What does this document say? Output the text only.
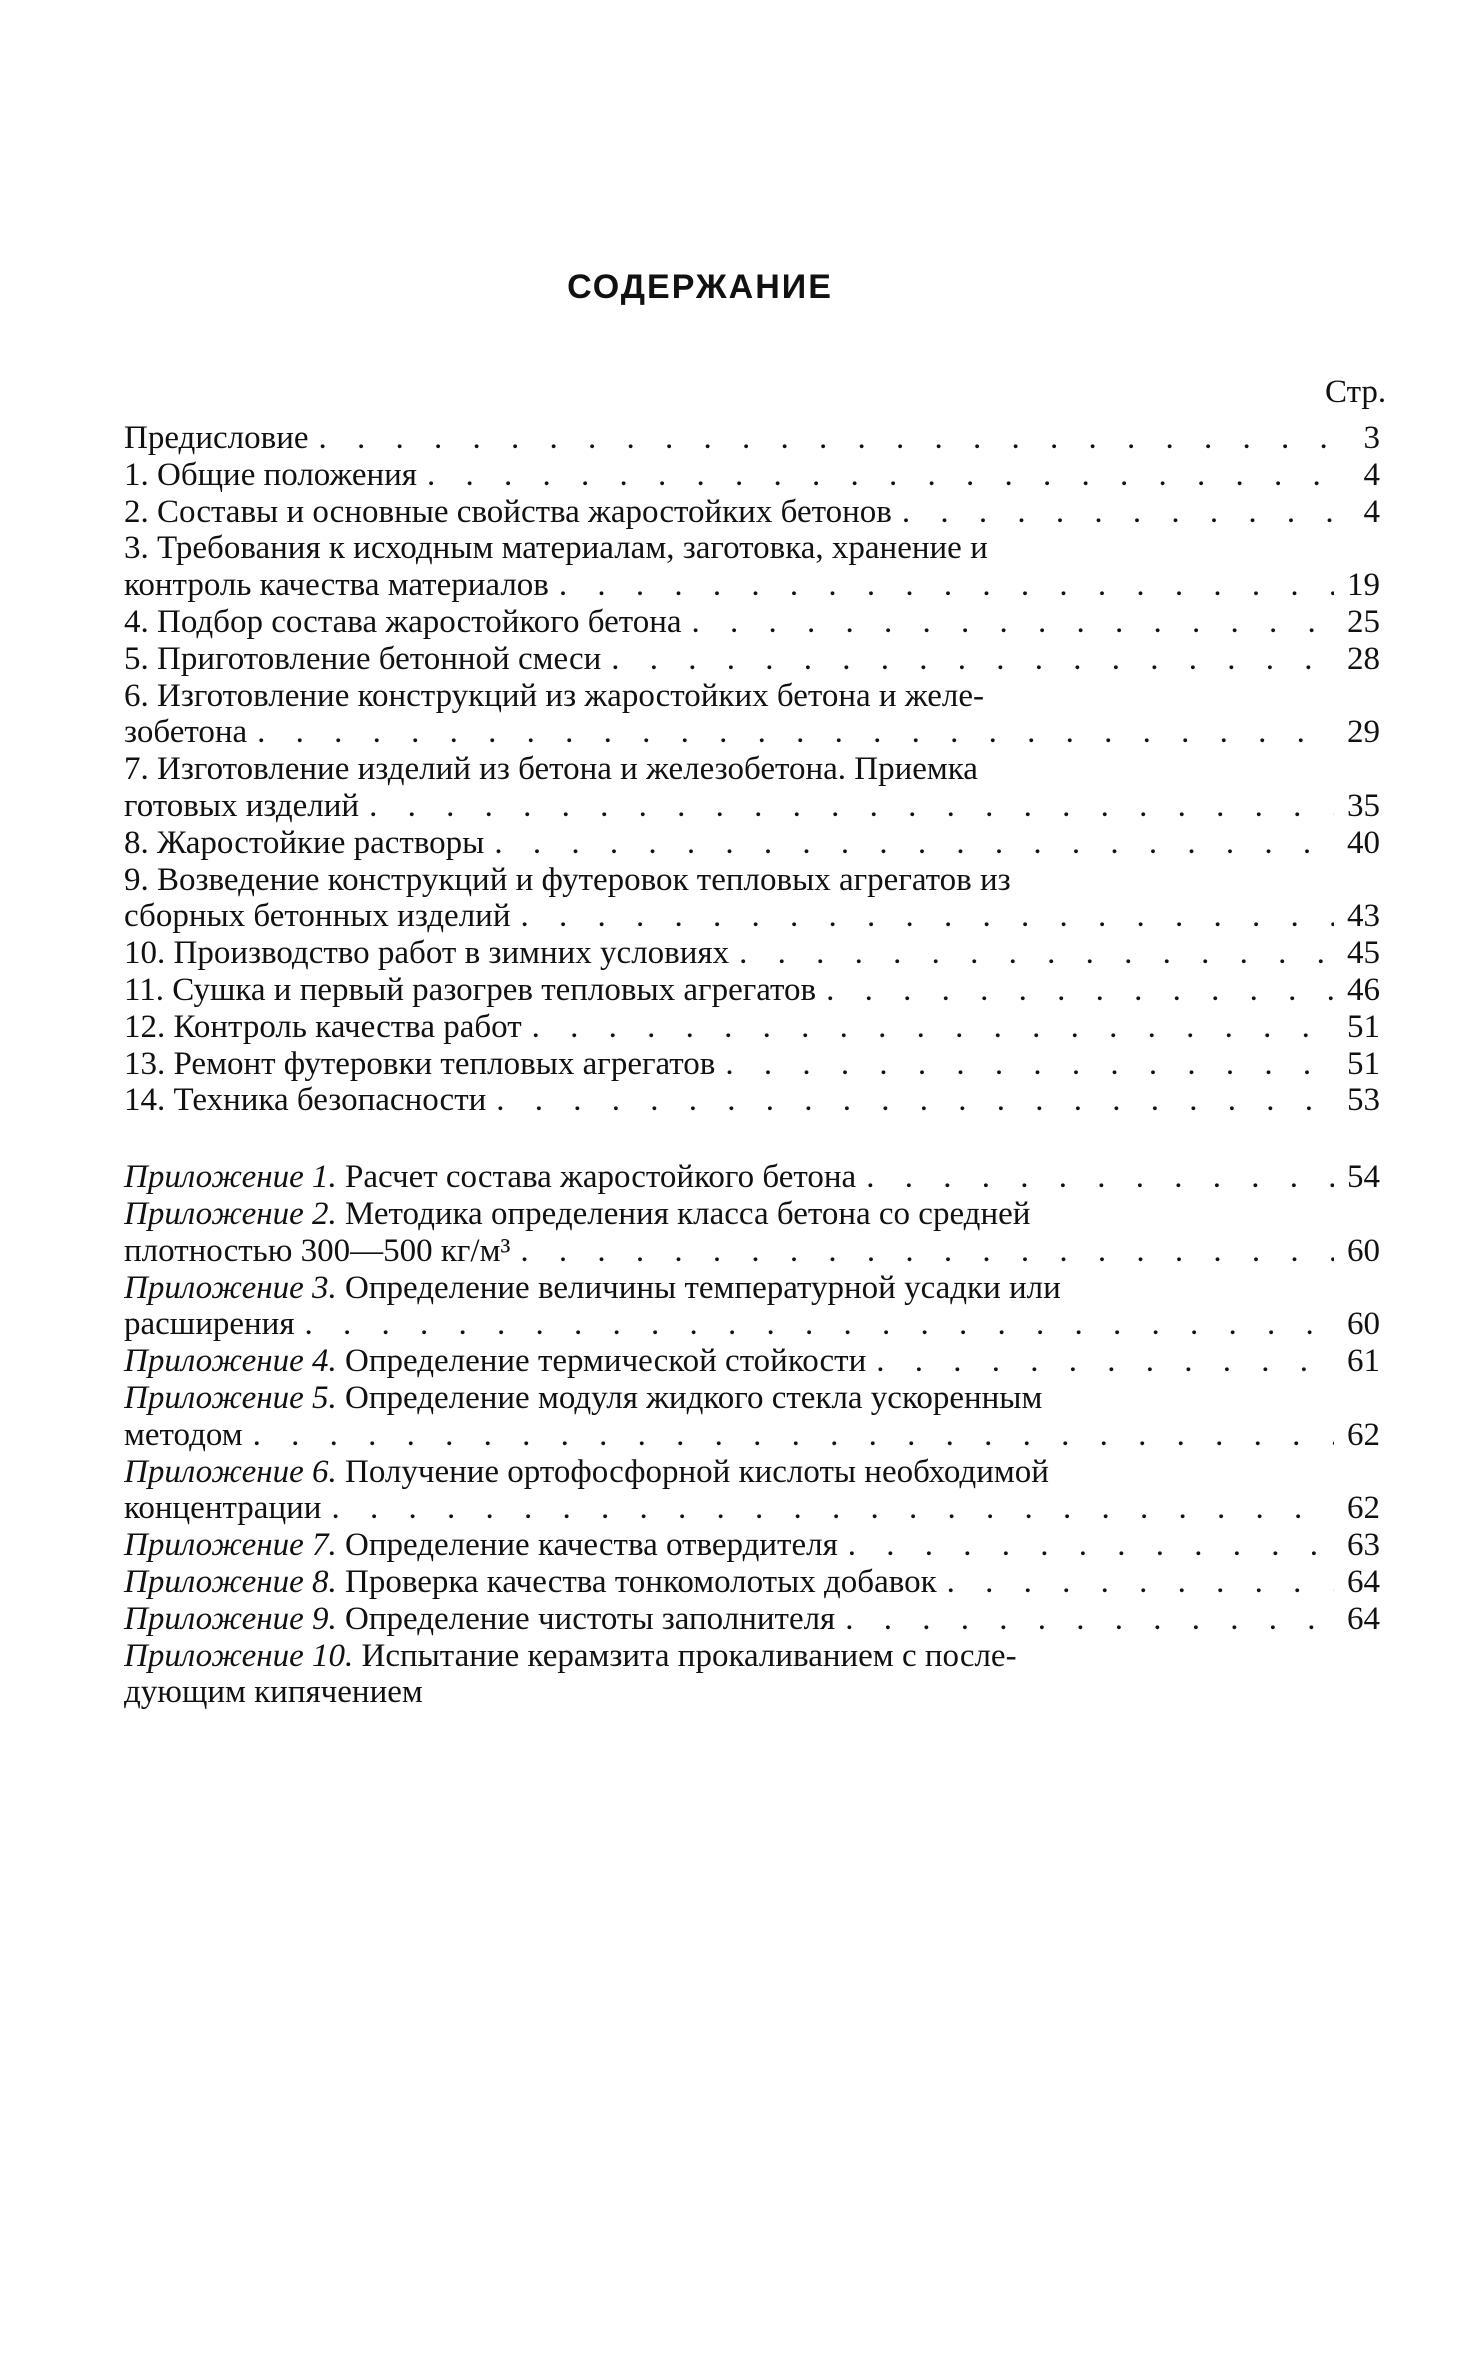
СОДЕРЖАНИЕ
Стр.
Предисловие . . .	3
1. Общие положения . . .	4
2. Составы и основные свойства жаростойких бетонов . . .	4
3. Требования к исходным материалам, заготовка, хранение и
контроль качества материалов . . .	19
4. Подбор состава жаростойкого бетона . . .	25
5. Приготовление бетонной смеси . . .	28
6. Изготовление конструкций из жаростойких бетона и желе-
зобетона . . .	29
7. Изготовление изделий из бетона и железобетона. Приемка
готовых изделий . . .	35
8. Жаростойкие растворы . . .	40
9. Возведение конструкций и футеровок тепловых агрегатов из
сборных бетонных изделий . . .	43
10. Производство работ в зимних условиях . . .	45
11. Сушка и первый разогрев тепловых агрегатов . . .	46
12. Контроль качества работ . . .	51
13. Ремонт футеровки тепловых агрегатов . . .	51
14. Техника безопасности . . .	53
Приложение 1. Расчет состава жаростойкого бетона . . .	54
Приложение 2. Методика определения класса бетона со средней
плотностью 300—500 кг/м³ . . .	60
Приложение 3. Определение величины температурной усадки или
расширения . . .	60
Приложение 4. Определение термической стойкости . . .	61
Приложение 5. Определение модуля жидкого стекла ускоренным
методом . . .	62
Приложение 6. Получение ортофосфорной кислоты необходимой
концентрации . . .	62
Приложение 7. Определение качества отвердителя . . .	63
Приложение 8. Проверка качества тонкомолотых добавок . . .	64
Приложение 9. Определение чистоты заполнителя . . .	64
Приложение 10. Испытание керамзита прокаливанием с после-
дующим кипячением
